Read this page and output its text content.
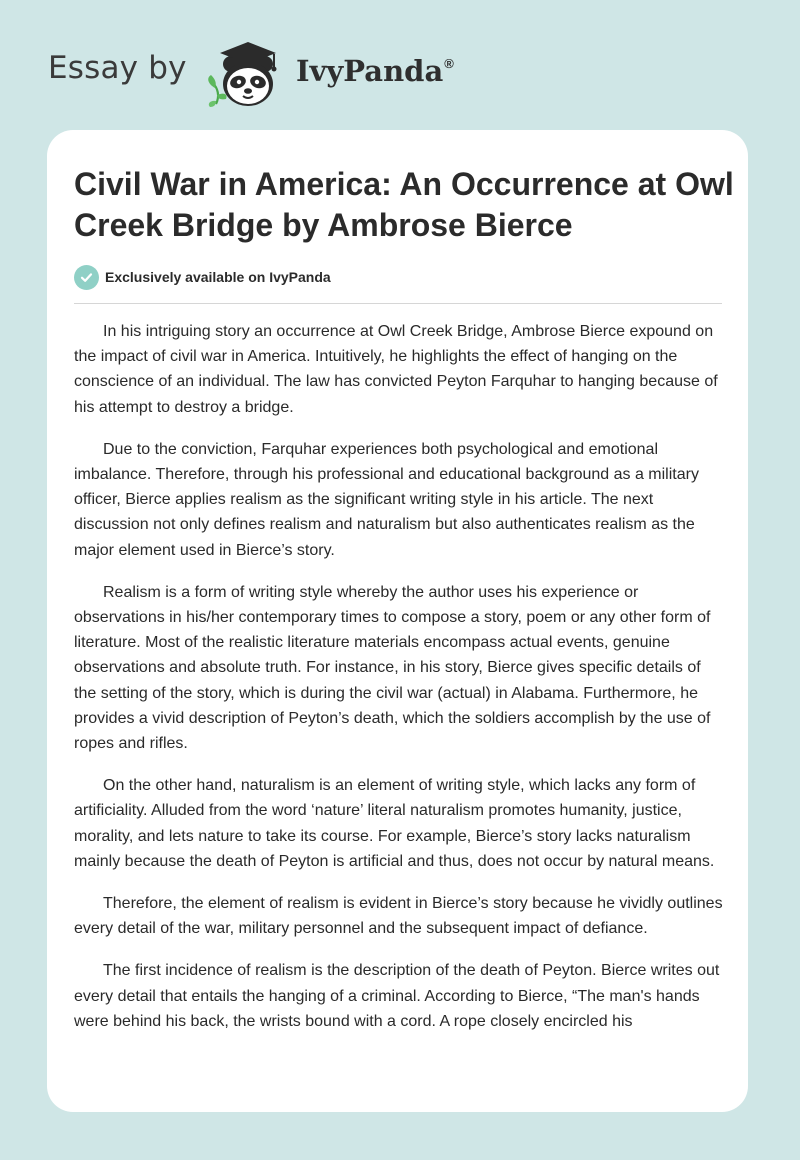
Essay by	IvyPanda®
Civil War in America: An Occurrence at Owl Creek Bridge by Ambrose Bierce
Exclusively available on IvyPanda

In his intriguing story an occurrence at Owl Creek Bridge, Ambrose Bierce expound on the impact of civil war in America. Intuitively, he highlights the effect of hanging on the conscience of an individual. The law has convicted Peyton Farquhar to hanging because of his attempt to destroy a bridge.

Due to the conviction, Farquhar experiences both psychological and emotional imbalance. Therefore, through his professional and educational background as a military officer, Bierce applies realism as the significant writing style in his article. The next discussion not only defines realism and naturalism but also authenticates realism as the major element used in Bierce’s story.

Realism is a form of writing style whereby the author uses his experience or observations in his/her contemporary times to compose a story, poem or any other form of literature. Most of the realistic literature materials encompass actual events, genuine observations and absolute truth. For instance, in his story, Bierce gives specific details of the setting of the story, which is during the civil war (actual) in Alabama. Furthermore, he provides a vivid description of Peyton’s death, which the soldiers accomplish by the use of ropes and rifles.

On the other hand, naturalism is an element of writing style, which lacks any form of artificiality. Alluded from the word ‘nature’ literal naturalism promotes humanity, justice, morality, and lets nature to take its course. For example, Bierce’s story lacks naturalism mainly because the death of Peyton is artificial and thus, does not occur by natural means.

Therefore, the element of realism is evident in Bierce’s story because he vividly outlines every detail of the war, military personnel and the subsequent impact of defiance.

The first incidence of realism is the description of the death of Peyton. Bierce writes out every detail that entails the hanging of a criminal. According to Bierce, “The man's hands were behind his back, the wrists bound with a cord. A rope closely encircled his
